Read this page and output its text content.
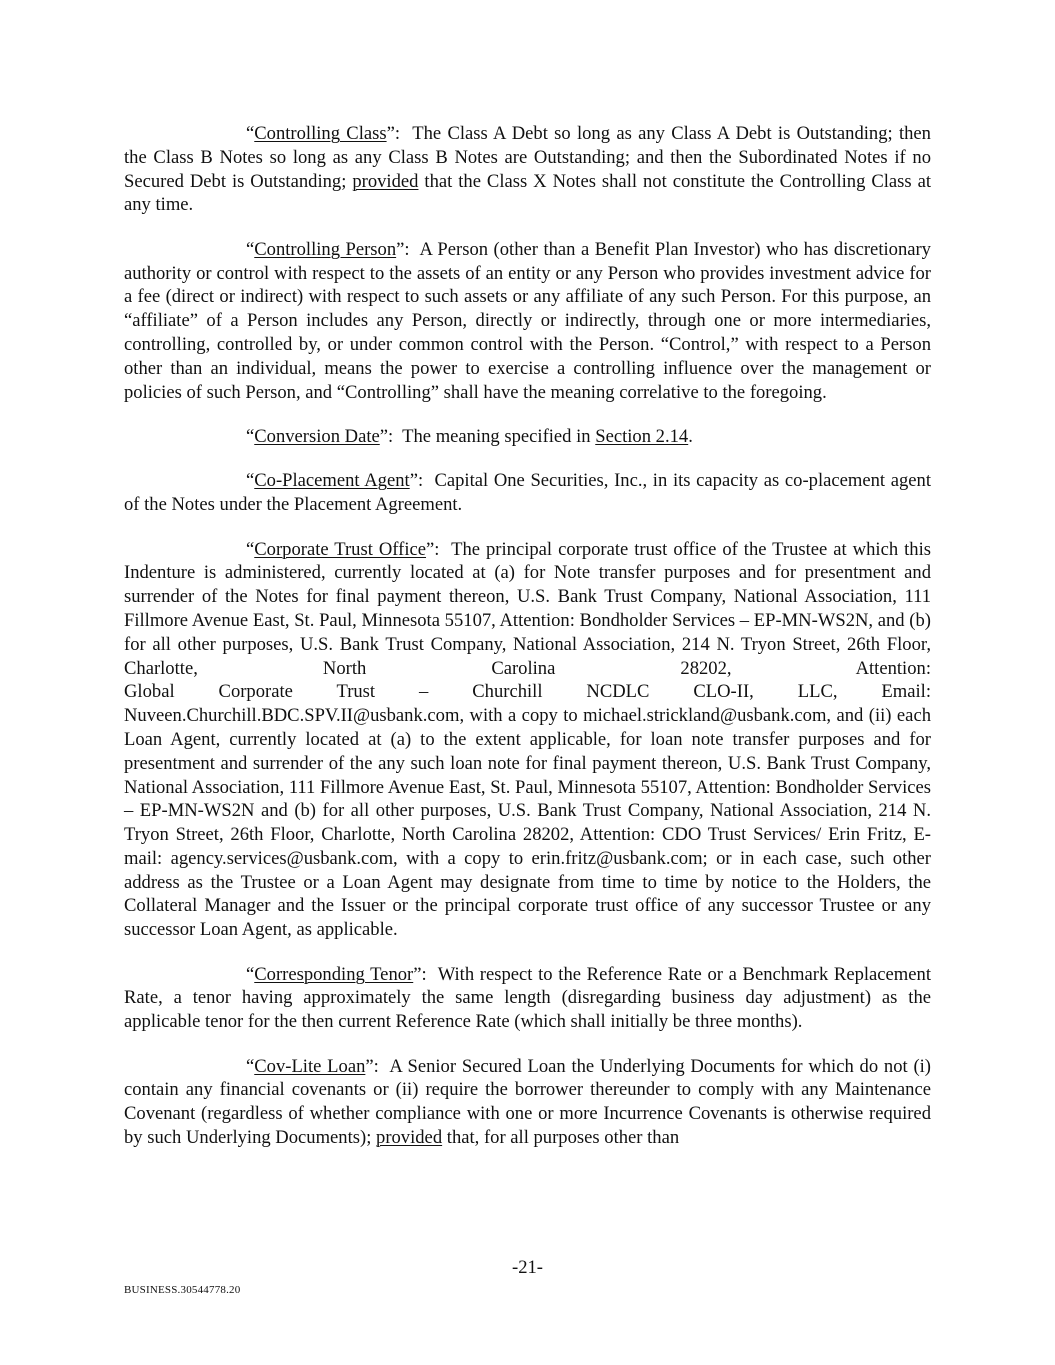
“Controlling Class”:  The Class A Debt so long as any Class A Debt is Outstanding; then the Class B Notes so long as any Class B Notes are Outstanding; and then the Subordinated Notes if no Secured Debt is Outstanding; provided that the Class X Notes shall not constitute the Controlling Class at any time.

“Controlling Person”:  A Person (other than a Benefit Plan Investor) who has discretionary authority or control with respect to the assets of an entity or any Person who provides investment advice for a fee (direct or indirect) with respect to such assets or any affiliate of any such Person. For this purpose, an “affiliate” of a Person includes any Person, directly or indirectly, through one or more intermediaries, controlling, controlled by, or under common control with the Person. “Control,” with respect to a Person other than an individual, means the power to exercise a controlling influence over the management or policies of such Person, and “Controlling” shall have the meaning correlative to the foregoing.

“Conversion Date”:  The meaning specified in Section 2.14.

“Co-Placement Agent”:  Capital One Securities, Inc., in its capacity as co-placement agent of the Notes under the Placement Agreement.

“Corporate Trust Office”:  The principal corporate trust office of the Trustee at which this Indenture is administered, currently located at (a) for Note transfer purposes and for presentment and surrender of the Notes for final payment thereon, U.S. Bank Trust Company, National Association, 111 Fillmore Avenue East, St. Paul, Minnesota 55107, Attention: Bondholder Services – EP-MN-WS2N, and (b) for all other purposes, U.S. Bank Trust Company, National Association, 214 N. Tryon Street, 26th Floor, Charlotte, North Carolina 28202, Attention: Global Corporate Trust – Churchill NCDLC CLO-II, LLC, Email: Nuveen.Churchill.BDC.SPV.II@usbank.com, with a copy to michael.strickland@usbank.com, and (ii) each Loan Agent, currently located at (a) to the extent applicable, for loan note transfer purposes and for presentment and surrender of the any such loan note for final payment thereon, U.S. Bank Trust Company, National Association, 111 Fillmore Avenue East, St. Paul, Minnesota 55107, Attention: Bondholder Services – EP-MN-WS2N and (b) for all other purposes, U.S. Bank Trust Company, National Association, 214 N. Tryon Street, 26th Floor, Charlotte, North Carolina 28202, Attention: CDO Trust Services/ Erin Fritz, E-mail: agency.services@usbank.com, with a copy to erin.fritz@usbank.com; or in each case, such other address as the Trustee or a Loan Agent may designate from time to time by notice to the Holders, the Collateral Manager and the Issuer or the principal corporate trust office of any successor Trustee or any successor Loan Agent, as applicable.

“Corresponding Tenor”:  With respect to the Reference Rate or a Benchmark Replacement Rate, a tenor having approximately the same length (disregarding business day adjustment) as the applicable tenor for the then current Reference Rate (which shall initially be three months).

“Cov-Lite Loan”:  A Senior Secured Loan the Underlying Documents for which do not (i) contain any financial covenants or (ii) require the borrower thereunder to comply with any Maintenance Covenant (regardless of whether compliance with one or more Incurrence Covenants is otherwise required by such Underlying Documents); provided that, for all purposes other than

-21-
BUSINESS.30544778.20
